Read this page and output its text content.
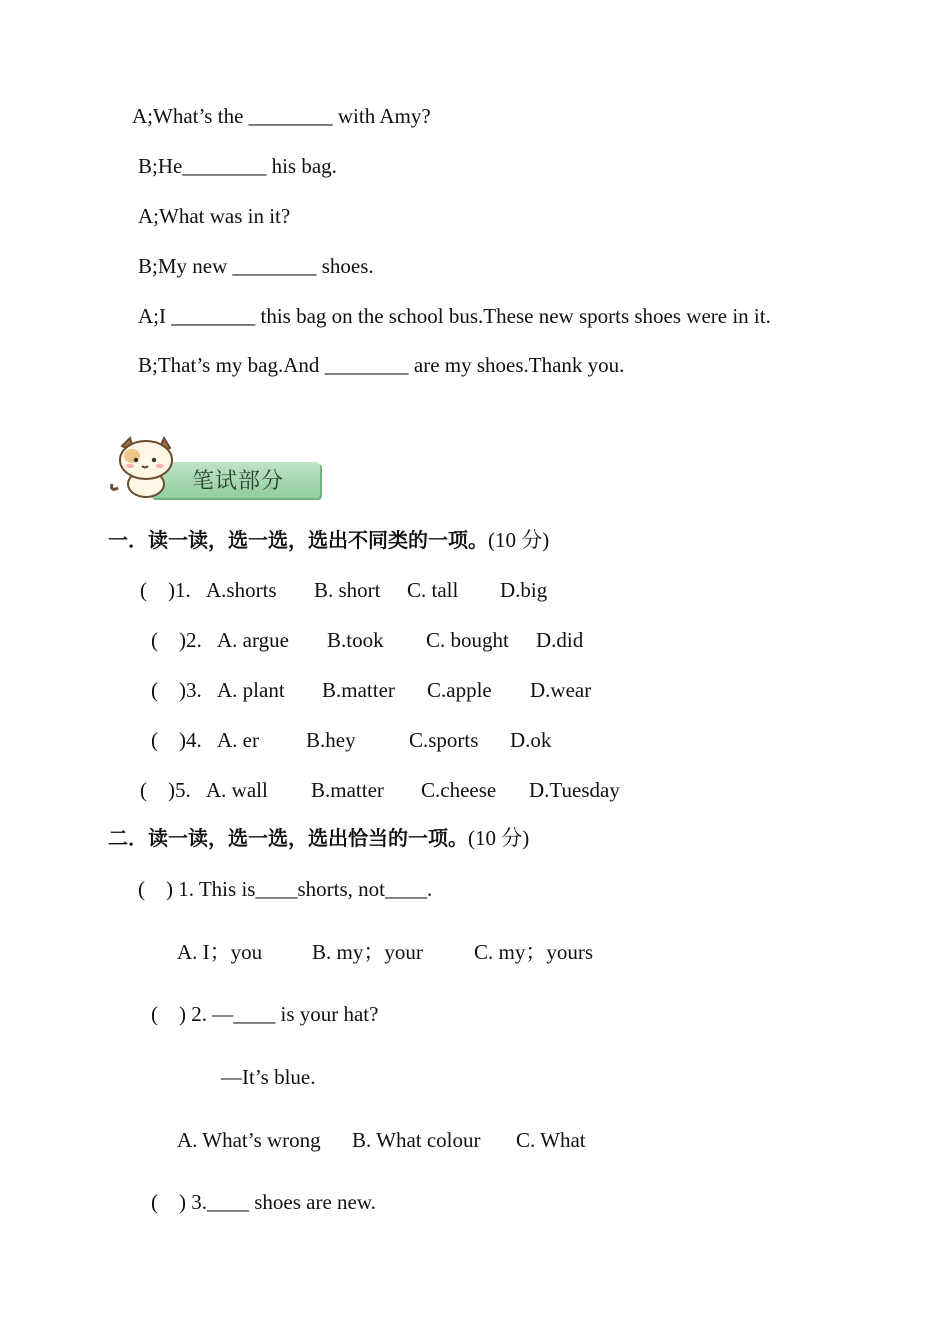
A;What’s the ________ with Amy?
B;He________ his bag.
A;What was in it?
B;My new ________ shoes.
A;I ________ this bag on the school bus.These new sports shoes were in it.
B;That’s my bag.And ________ are my shoes.Thank you.
笔试部分
一．读一读，选一选，选出不同类的一项。(10 分)
(    )1. A.shorts B. short C. tall D.big
(    )2. A. argue B.took C. bought D.did
(    )3. A. plant B.matter C.apple D.wear
(    )4. A. er B.hey	C.sports D.ok
(    )5. A. wall B.matter C.cheese D.Tuesday
二．读一读，选一选，选出恰当的一项。(10 分)
(    ) 1. This is____shorts, not____.
A. I；you B. my；your C. my；yours
(    ) 2. —____ is your hat?
—It’s blue.
A. What’s wrong B. What colour C. What
(    ) 3.____ shoes are new.
